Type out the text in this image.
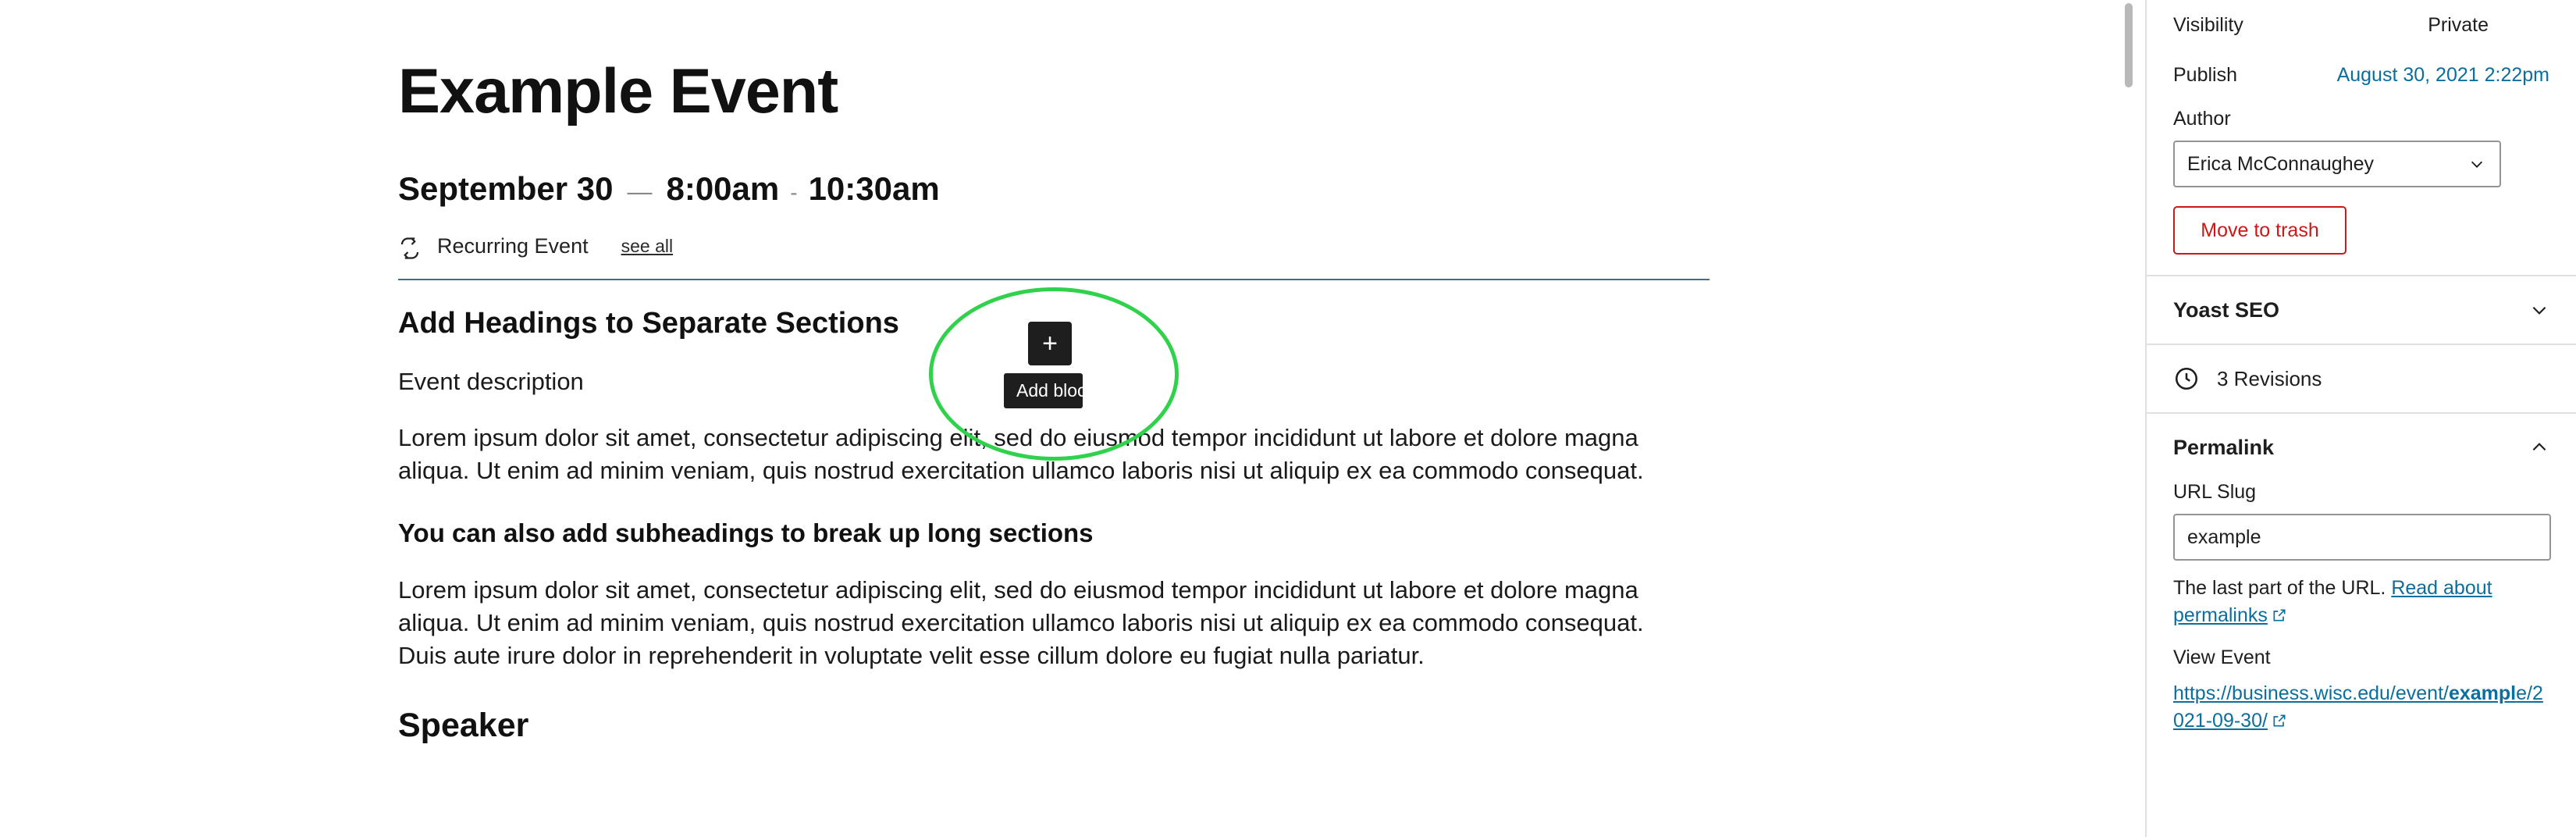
Example Event
September 30 — 8:00am - 10:30am
Recurring Event see all
Add Headings to Separate Sections

Event description

Lorem ipsum dolor sit amet, consectetur adipiscing elit, sed do eiusmod tempor incididunt ut labore et dolore magna aliqua. Ut enim ad minim veniam, quis nostrud exercitation ullamco laboris nisi ut aliquip ex ea commodo consequat.

You can also add subheadings to break up long sections

Lorem ipsum dolor sit amet, consectetur adipiscing elit, sed do eiusmod tempor incididunt ut labore et dolore magna aliqua. Ut enim ad minim veniam, quis nostrud exercitation ullamco laboris nisi ut aliquip ex ea commodo consequat. Duis aute irure dolor in reprehenderit in voluptate velit esse cillum dolore eu fugiat nulla pariatur.

Speaker
+
Add block
Visibility	Private
Publish	August 30, 2021 2:22pm
Author
Erica McConnaughey
Move to trash
Yoast SEO
3 Revisions
Permalink
URL Slug
example
The last part of the URL. Read about permalinks
View Event
https://business.wisc.edu/event/example/2021-09-30/
